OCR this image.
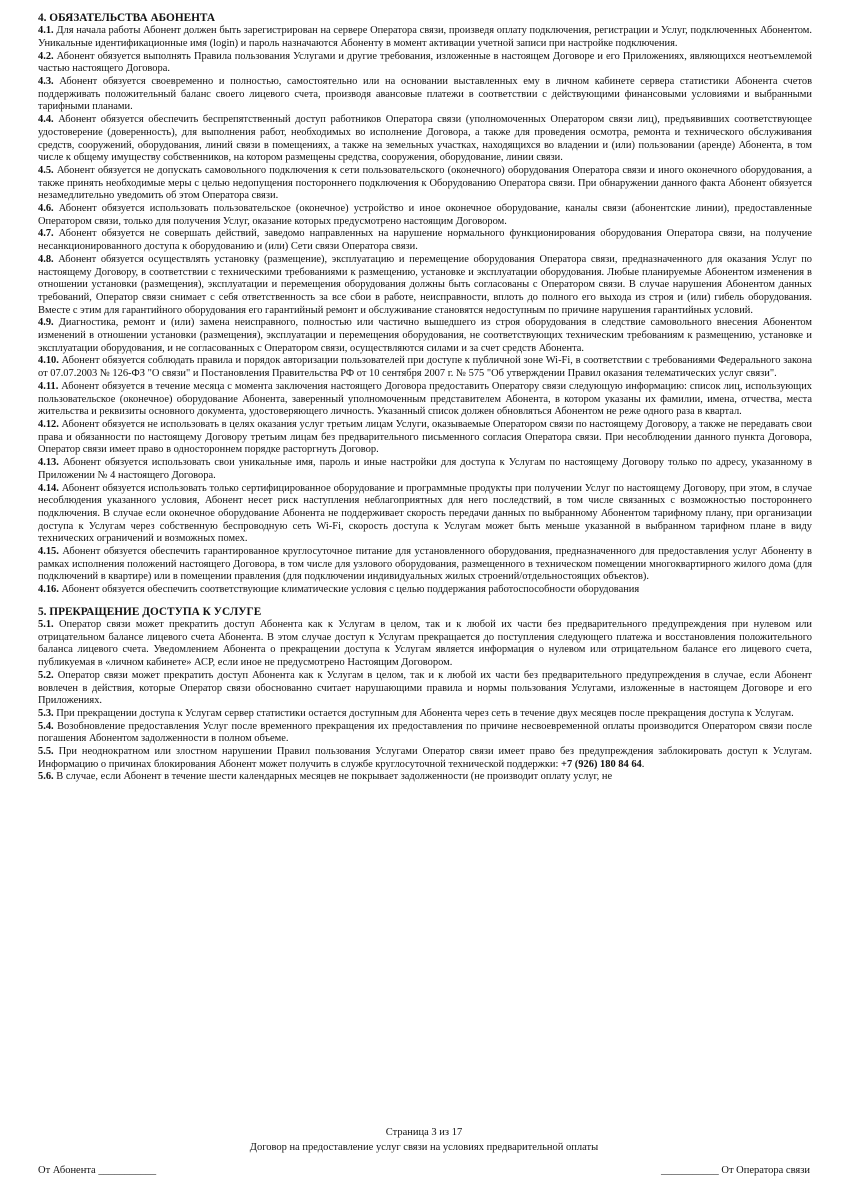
4. ОБЯЗАТЕЛЬСТВА АБОНЕНТА

4.1. Для начала работы Абонент должен быть зарегистрирован на сервере Оператора связи, произведя оплату подключения, регистрации и Услуг, подключенных Абонентом. Уникальные идентификационные имя (login) и пароль назначаются Абоненту в момент активации учетной записи при настройке подключения.

4.2. Абонент обязуется выполнять Правила пользования Услугами и другие требования, изложенные в настоящем Договоре и его Приложениях, являющихся неотъемлемой частью настоящего Договора.

4.3. Абонент обязуется своевременно и полностью, самостоятельно или на основании выставленных ему в личном кабинете сервера статистики Абонента счетов поддерживать положительный баланс своего лицевого счета, производя авансовые платежи в соответствии с действующими финансовыми условиями и выбранными тарифными планами.

4.4. Абонент обязуется обеспечить беспрепятственный доступ работников Оператора связи (уполномоченных Оператором связи лиц), предъявивших соответствующее удостоверение (доверенность), для выполнения работ, необходимых во исполнение Договора, а также для проведения осмотра, ремонта и технического обслуживания средств, сооружений, оборудования, линий связи в помещениях, а также на земельных участках, находящихся во владении и (или) пользовании (аренде) Абонента, в том числе к общему имуществу собственников, на котором размещены средства, сооружения, оборудование, линии связи.

4.5. Абонент обязуется не допускать самовольного подключения к сети пользовательского (оконечного) оборудования Оператора связи и иного оконечного оборудования, а также принять необходимые меры с целью недопущения постороннего подключения к Оборудованию Оператора связи. При обнаружении данного факта Абонент обязуется незамедлительно уведомить об этом Оператора связи.

4.6. Абонент обязуется использовать пользовательское (оконечное) устройство и иное оконечное оборудование, каналы связи (абонентские линии), предоставленные Оператором связи, только для получения Услуг, оказание которых предусмотрено настоящим Договором.

4.7. Абонент обязуется не совершать действий, заведомо направленных на нарушение нормального функционирования оборудования Оператора связи, на получение несанкционированного доступа к оборудованию и (или) Сети связи Оператора связи.

4.8. Абонент обязуется осуществлять установку (размещение), эксплуатацию и перемещение оборудования Оператора связи, предназначенного для оказания Услуг по настоящему Договору, в соответствии с техническими требованиями к размещению, установке и эксплуатации оборудования. Любые планируемые Абонентом изменения в отношении установки (размещения), эксплуатации и перемещения оборудования должны быть согласованы с Оператором связи. В случае нарушения Абонентом данных требований, Оператор связи снимает с себя ответственность за все сбои в работе, неисправности, вплоть до полного его выхода из строя и (или) гибель оборудования. Вместе с этим для гарантийного оборудования его гарантийный ремонт и обслуживание становятся недоступным по причине нарушения гарантийных условий.

4.9. Диагностика, ремонт и (или) замена неисправного, полностью или частично вышедшего из строя оборудования в следствие самовольного внесения Абонентом изменений в отношении установки (размещения), эксплуатации и перемещения оборудования, не соответствующих техническим требованиям к размещению, установке и эксплуатации оборудования, и не согласованных с Оператором связи, осуществляются силами и за счет средств Абонента.

4.10. Абонент обязуется соблюдать правила и порядок авторизации пользователей при доступе к публичной зоне Wi-Fi, в соответствии с требованиями Федерального закона от 07.07.2003 № 126-ФЗ "О связи" и Постановления Правительства РФ от 10 сентября 2007 г. № 575 "Об утверждении Правил оказания телематических услуг связи".

4.11. Абонент обязуется в течение месяца с момента заключения настоящего Договора предоставить Оператору связи следующую информацию: список лиц, использующих пользовательское (оконечное) оборудование Абонента, заверенный уполномоченным представителем Абонента, в котором указаны их фамилии, имена, отчества, места жительства и реквизиты основного документа, удостоверяющего личность. Указанный список должен обновляться Абонентом не реже одного раза в квартал.

4.12. Абонент обязуется не использовать в целях оказания услуг третьим лицам Услуги, оказываемые Оператором связи по настоящему Договору, а также не передавать свои права и обязанности по настоящему Договору третьим лицам без предварительного письменного согласия Оператора связи. При несоблюдении данного пункта Договора, Оператор связи имеет право в одностороннем порядке расторгнуть Договор.

4.13. Абонент обязуется использовать свои уникальные имя, пароль и иные настройки для доступа к Услугам по настоящему Договору только по адресу, указанному в Приложении № 4 настоящего Договора.

4.14. Абонент обязуется использовать только сертифицированное оборудование и программные продукты при получении Услуг по настоящему Договору, при этом, в случае несоблюдения указанного условия, Абонент несет риск наступления неблагоприятных для него последствий, в том числе связанных с возможностью постороннего подключения. В случае если оконечное оборудование Абонента не поддерживает скорость передачи данных по выбранному Абонентом тарифному плану, при организации доступа к Услугам через собственную беспроводную сеть Wi-Fi, скорость доступа к Услугам может быть меньше указанной в выбранном тарифном плане в виду технических ограничений и возможных помех.

4.15. Абонент обязуется обеспечить гарантированное круглосуточное питание для установленного оборудования, предназначенного для предоставления услуг Абоненту в рамках исполнения положений настоящего Договора, в том числе для узлового оборудования, размещенного в техническом помещении многоквартирного жилого дома (для подключений в квартире) или в помещении правления (для подключении индивидуальных жилых строений/отдельностоящих объектов).

4.16. Абонент обязуется обеспечить соответствующие климатические условия с целью поддержания работоспособности оборудования

5. ПРЕКРАЩЕНИЕ ДОСТУПА К УСЛУГЕ

5.1. Оператор связи может прекратить доступ Абонента как к Услугам в целом, так и к любой их части без предварительного предупреждения при нулевом или отрицательном балансе лицевого счета Абонента. В этом случае доступ к Услугам прекращается до поступления следующего платежа и восстановления положительного баланса лицевого счета. Уведомлением Абонента о прекращении доступа к Услугам является информация о нулевом или отрицательном балансе его лицевого счета, публикуемая в «личном кабинете» АСР, если иное не предусмотрено Настоящим Договором.

5.2. Оператор связи может прекратить доступ Абонента как к Услугам в целом, так и к любой их части без предварительного предупреждения в случае, если Абонент вовлечен в действия, которые Оператор связи обоснованно считает нарушающими правила и нормы пользования Услугами, изложенные в настоящем Договоре и его Приложениях.

5.3. При прекращении доступа к Услугам сервер статистики остается доступным для Абонента через сеть в течение двух месяцев после прекращения доступа к Услугам.

5.4. Возобновление предоставления Услуг после временного прекращения их предоставления по причине несвоевременной оплаты производится Оператором связи после погашения Абонентом задолженности в полном объеме.

5.5. При неоднократном или злостном нарушении Правил пользования Услугами Оператор связи имеет право без предупреждения заблокировать доступ к Услугам. Информацию о причинах блокирования Абонент может получить в службе круглосуточной технической поддержки: +7 (926) 180 84 64.

5.6. В случае, если Абонент в течение шести календарных месяцев не покрывает задолженности (не производит оплату услуг, не

Страница 3 из 17
Договор на предоставление услуг связи на условиях предварительной оплаты
От Абонента ___________	___________ От Оператора связи
